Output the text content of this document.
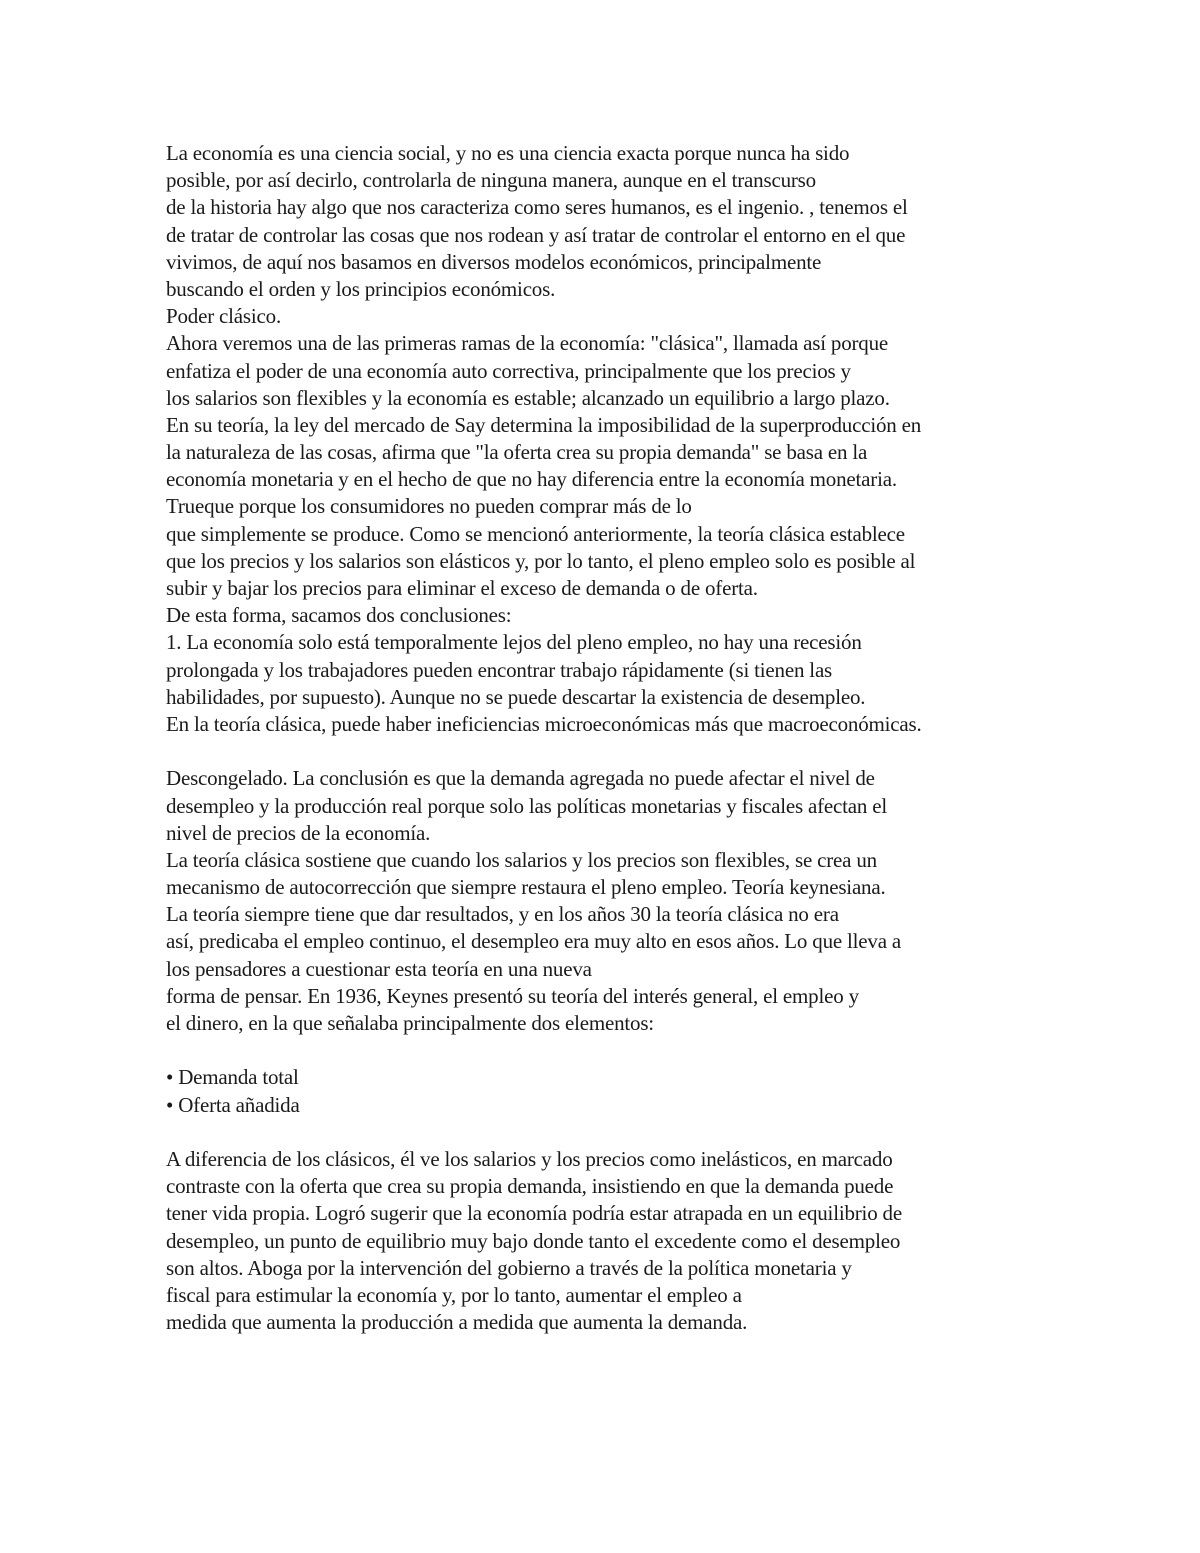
La economía es una ciencia social, y no es una ciencia exacta porque nunca ha sido
posible, por así decirlo, controlarla de ninguna manera, aunque en el transcurso
de la historia hay algo que nos caracteriza como seres humanos, es el ingenio. , tenemos el
de tratar de controlar las cosas que nos rodean y así tratar de controlar el entorno en el que
vivimos, de aquí nos basamos en diversos modelos económicos, principalmente
buscando el orden y los principios económicos.
Poder clásico.
Ahora veremos una de las primeras ramas de la economía: "clásica", llamada así porque
enfatiza el poder de una economía auto correctiva, principalmente que los precios y
los salarios son flexibles y la economía es estable; alcanzado un equilibrio a largo plazo.
En su teoría, la ley del mercado de Say determina la imposibilidad de la superproducción en
la naturaleza de las cosas, afirma que "la oferta crea su propia demanda" se basa en la
economía monetaria y en el hecho de que no hay diferencia entre la economía monetaria.
Trueque porque los consumidores no pueden comprar más de lo
que simplemente se produce. Como se mencionó anteriormente, la teoría clásica establece
que los precios y los salarios son elásticos y, por lo tanto, el pleno empleo solo es posible al
subir y bajar los precios para eliminar el exceso de demanda o de oferta.
De esta forma, sacamos dos conclusiones:
1. La economía solo está temporalmente lejos del pleno empleo, no hay una recesión
prolongada y los trabajadores pueden encontrar trabajo rápidamente (si tienen las
habilidades, por supuesto). Aunque no se puede descartar la existencia de desempleo.
En la teoría clásica, puede haber ineficiencias microeconómicas más que macroeconómicas.
Descongelado. La conclusión es que la demanda agregada no puede afectar el nivel de
desempleo y la producción real porque solo las políticas monetarias y fiscales afectan el
nivel de precios de la economía.
La teoría clásica sostiene que cuando los salarios y los precios son flexibles, se crea un
mecanismo de autocorrección que siempre restaura el pleno empleo. Teoría keynesiana.
La teoría siempre tiene que dar resultados, y en los años 30 la teoría clásica no era
así, predicaba el empleo continuo, el desempleo era muy alto en esos años. Lo que lleva a
los pensadores a cuestionar esta teoría en una nueva
forma de pensar. En 1936, Keynes presentó su teoría del interés general, el empleo y
el dinero, en la que señalaba principalmente dos elementos:
• Demanda total
• Oferta añadida
A diferencia de los clásicos, él ve los salarios y los precios como inelásticos, en marcado
contraste con la oferta que crea su propia demanda, insistiendo en que la demanda puede
tener vida propia. Logró sugerir que la economía podría estar atrapada en un equilibrio de
desempleo, un punto de equilibrio muy bajo donde tanto el excedente como el desempleo
son altos. Aboga por la intervención del gobierno a través de la política monetaria y
fiscal para estimular la economía y, por lo tanto, aumentar el empleo a
medida que aumenta la producción a medida que aumenta la demanda.
